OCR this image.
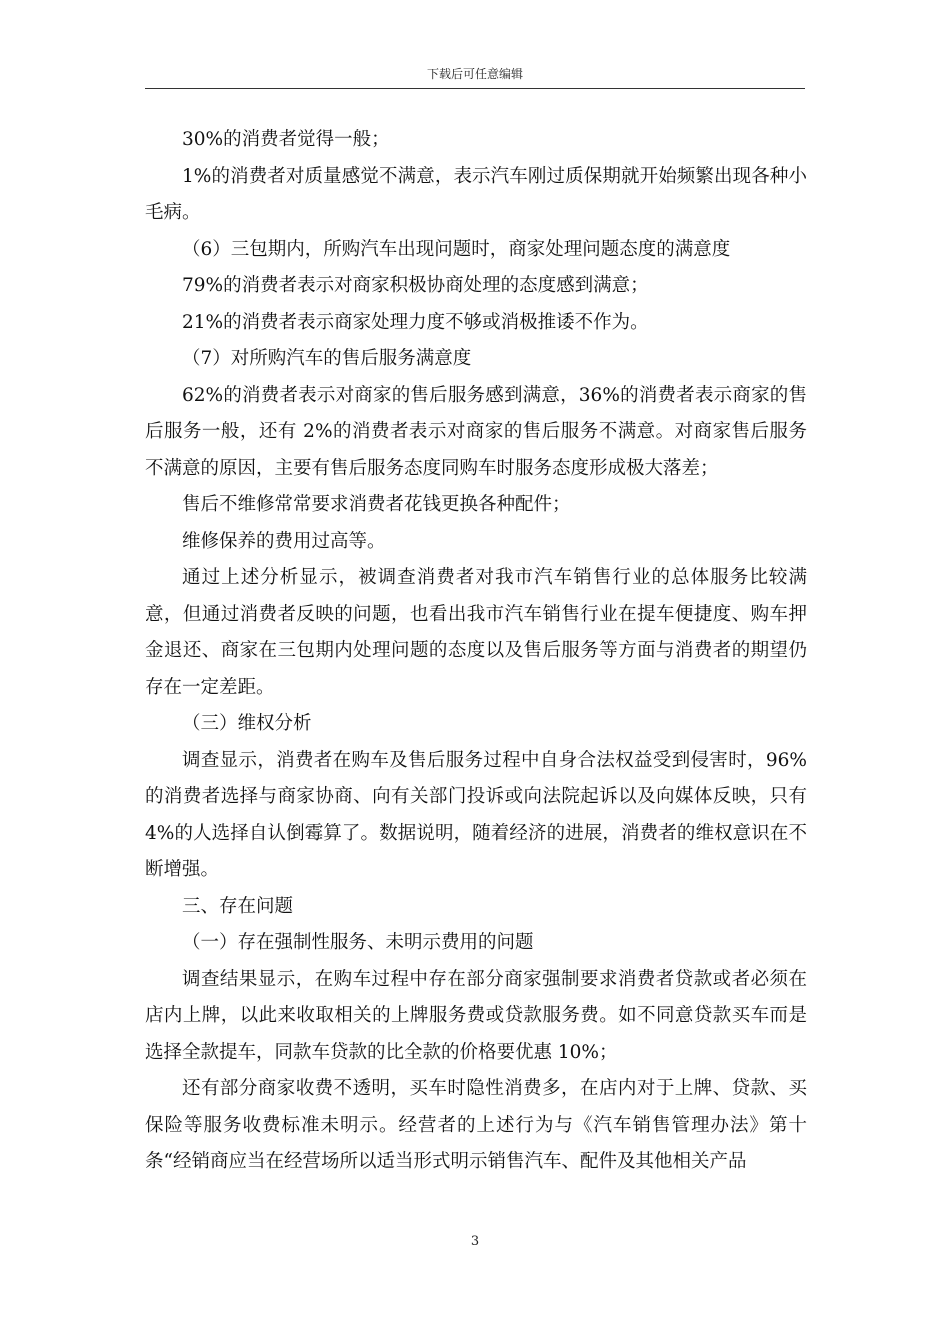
下载后可任意编辑

30%的消费者觉得一般；

1%的消费者对质量感觉不满意，表示汽车刚过质保期就开始频繁出现各种小毛病。

（6）三包期内，所购汽车出现问题时，商家处理问题态度的满意度

79%的消费者表示对商家积极协商处理的态度感到满意；

21%的消费者表示商家处理力度不够或消极推诿不作为。

（7）对所购汽车的售后服务满意度

62%的消费者表示对商家的售后服务感到满意，36%的消费者表示商家的售后服务一般，还有 2%的消费者表示对商家的售后服务不满意。对商家售后服务不满意的原因，主要有售后服务态度同购车时服务态度形成极大落差；

售后不维修常常要求消费者花钱更换各种配件；

维修保养的费用过高等。

通过上述分析显示，被调查消费者对我市汽车销售行业的总体服务比较满意，但通过消费者反映的问题，也看出我市汽车销售行业在提车便捷度、购车押金退还、商家在三包期内处理问题的态度以及售后服务等方面与消费者的期望仍存在一定差距。

（三）维权分析

调查显示，消费者在购车及售后服务过程中自身合法权益受到侵害时，96%的消费者选择与商家协商、向有关部门投诉或向法院起诉以及向媒体反映，只有 4%的人选择自认倒霉算了。数据说明，随着经济的进展，消费者的维权意识在不断增强。

三、存在问题

（一）存在强制性服务、未明示费用的问题

调查结果显示，在购车过程中存在部分商家强制要求消费者贷款或者必须在店内上牌，以此来收取相关的上牌服务费或贷款服务费。如不同意贷款买车而是选择全款提车，同款车贷款的比全款的价格要优惠 10%；

还有部分商家收费不透明，买车时隐性消费多，在店内对于上牌、贷款、买保险等服务收费标准未明示。经营者的上述行为与《汽车销售管理办法》第十条“经销商应当在经营场所以适当形式明示销售汽车、配件及其他相关产品

3
